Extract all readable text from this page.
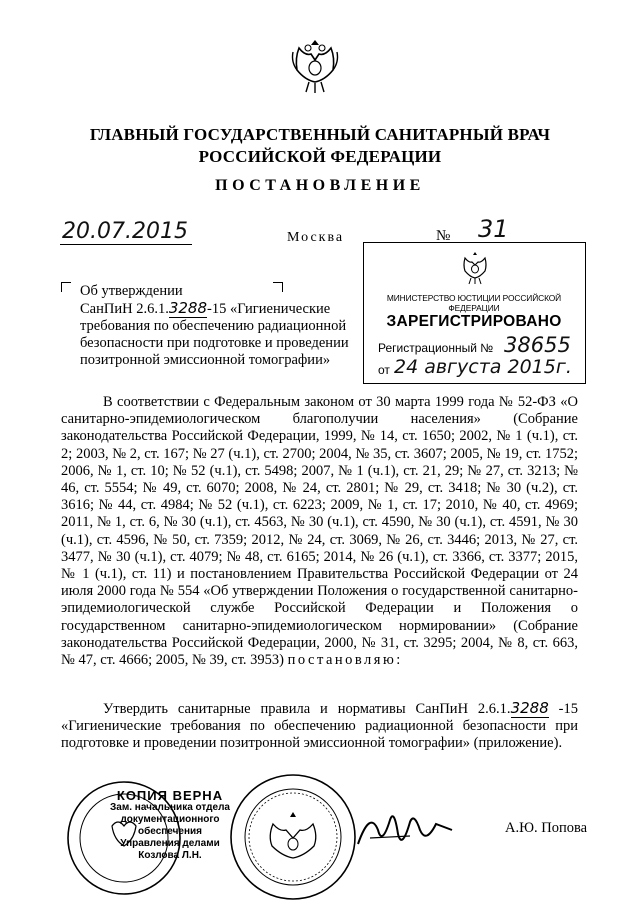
ГЛАВНЫЙ ГОСУДАРСТВЕННЫЙ САНИТАРНЫЙ ВРАЧ
РОССИЙСКОЙ ФЕДЕРАЦИИ
ПОСТАНОВЛЕНИЕ
20.07.2015	Москва	№	31
Об утверждении
СанПиН 2.6.1.3288-15 «Гигиенические
требования по обеспечению радиационной
безопасности при подготовке и проведении
позитронной эмиссионной томографии»
МИНИСТЕРСТВО ЮСТИЦИИ РОССИЙСКОЙ ФЕДЕРАЦИИ
ЗАРЕГИСТРИРОВАНО
Регистрационный № 38655
от 24 августа 2015г.

В соответствии с Федеральным законом от 30 марта 1999 года № 52-ФЗ «О санитарно-эпидемиологическом благополучии населения» (Собрание законодательства Российской Федерации, 1999, № 14, ст. 1650; 2002, № 1 (ч.1), ст. 2; 2003, № 2, ст. 167; № 27 (ч.1), ст. 2700; 2004, № 35, ст. 3607; 2005, № 19, ст. 1752; 2006, № 1, ст. 10; № 52 (ч.1), ст. 5498; 2007, № 1 (ч.1), ст. 21, 29; № 27, ст. 3213; № 46, ст. 5554; № 49, ст. 6070; 2008, № 24, ст. 2801; № 29, ст. 3418; № 30 (ч.2), ст. 3616; № 44, ст. 4984; № 52 (ч.1), ст. 6223; 2009, № 1, ст. 17; 2010, № 40, ст. 4969; 2011, № 1, ст. 6, № 30 (ч.1), ст. 4563, № 30 (ч.1), ст. 4590, № 30 (ч.1), ст. 4591, № 30 (ч.1), ст. 4596, № 50, ст. 7359; 2012, № 24, ст. 3069, № 26, ст. 3446; 2013, № 27, ст. 3477, № 30 (ч.1), ст. 4079; № 48, ст. 6165; 2014, № 26 (ч.1), ст. 3366, ст. 3377; 2015, № 1 (ч.1), ст. 11) и постановлением Правительства Российской Федерации от 24 июля 2000 года № 554 «Об утверждении Положения о государственной санитарно-эпидемиологической службе Российской Федерации и Положения о государственном санитарно-эпидемиологическом нормировании» (Собрание законодательства Российской Федерации, 2000, № 31, ст. 3295; 2004, № 8, ст. 663, № 47, ст. 4666; 2005, № 39, ст. 3953) постановляю:

Утвердить санитарные правила и нормативы СанПиН 2.6.1.3288 -15 «Гигиенические требования по обеспечению радиационной безопасности при подготовке и проведении позитронной эмиссионной томографии» (приложение).

КОПИЯ ВЕРНА
Зам. начальника отдела
документационного обеспечения
Управления делами
Козлова Л.Н.
А.Ю. Попова
